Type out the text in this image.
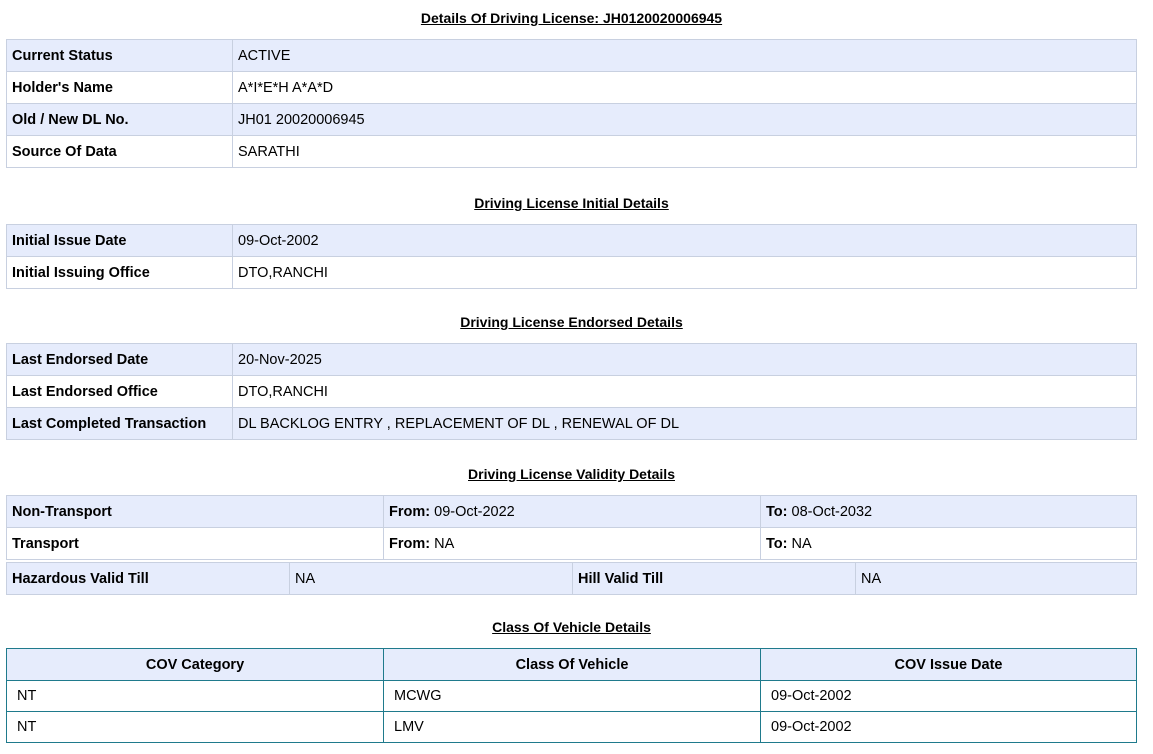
Details Of Driving License: JH0120020006945
Current Status	ACTIVE
Holder's Name	A*I*E*H A*A*D
Old / New DL No.	JH01 20020006945
Source Of Data	SARATHI
Driving License Initial Details
Initial Issue Date	09-Oct-2002
Initial Issuing Office	DTO,RANCHI
Driving License Endorsed Details
Last Endorsed Date	20-Nov-2025
Last Endorsed Office	DTO,RANCHI
Last Completed Transaction	DL BACKLOG ENTRY , REPLACEMENT OF DL , RENEWAL OF DL
Driving License Validity Details
Non-Transport	From: 09-Oct-2022	To: 08-Oct-2032
Transport	From: NA	To: NA
Hazardous Valid Till	NA	Hill Valid Till	NA
Class Of Vehicle Details
COV Category	Class Of Vehicle	COV Issue Date
NT	MCWG	09-Oct-2002
NT	LMV	09-Oct-2002
